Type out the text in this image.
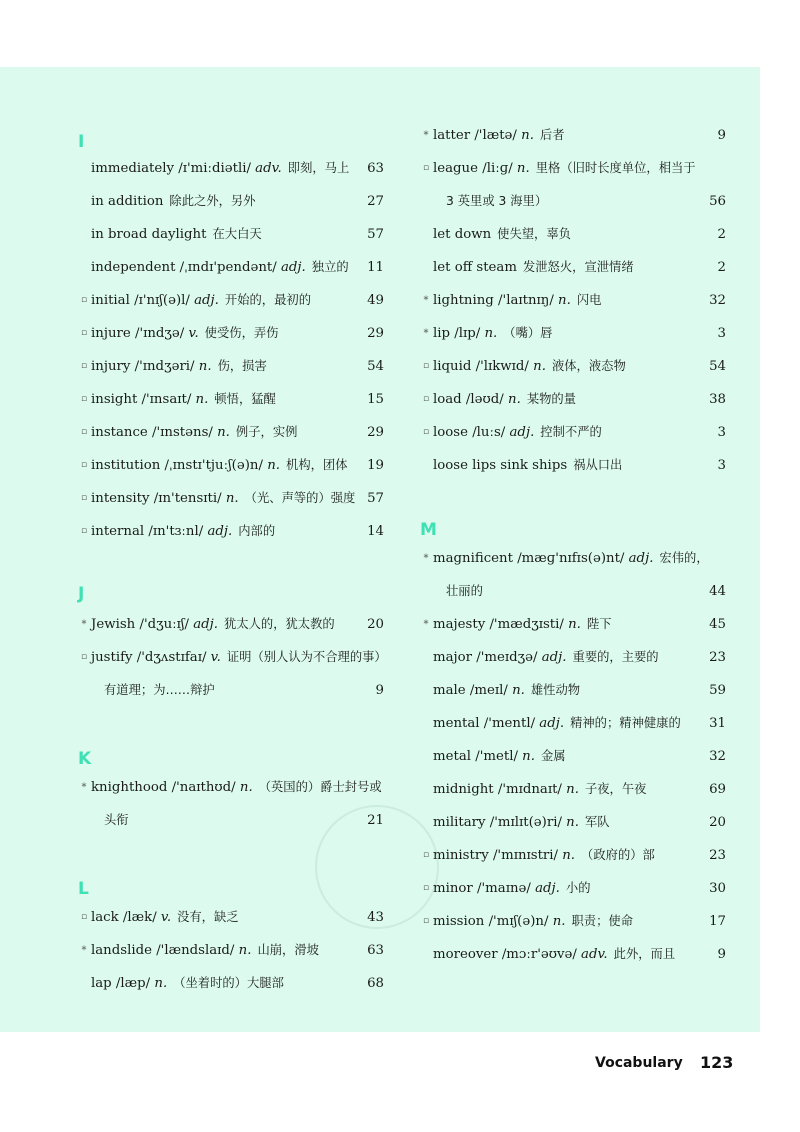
I
immediately /ɪ'miːdiətli/ adv. 即刻，马上 63
in addition 除此之外，另外	27
in broad daylight 在大白天	57
independent /ˌɪndɪ'pendənt/ adj. 独立的 11
▫ initial /ɪ'nɪʃ(ə)l/ adj. 开始的，最初的	49
▫ injure /'ɪndʒə/ v. 使受伤，弄伤	29
▫ injury /'ɪndʒəri/ n. 伤，损害	54
▫ insight /'ɪnsaɪt/ n. 顿悟，猛醒	15
▫ instance /'ɪnstəns/ n. 例子，实例	29
▫ institution /ˌɪnstɪ'tjuːʃ(ə)n/ n. 机构，团体 19
▫ intensity /ɪn'tensɪti/ n. （光、声等的）强度 57
▫ internal /ɪn'tɜːnl/ adj. 内部的	14
J
* Jewish /'dʒuːɪʃ/ adj. 犹太人的，犹太教的 20
▫ justify /'dʒʌstɪfaɪ/ v. 证明（别人认为不合理的事）
有道理；为……辩护	9
K
* knighthood /'naɪthʊd/ n. （英国的）爵士封号或
头衔	21
L
▫ lack /læk/ v. 没有，缺乏	43
* landslide /'lændslaɪd/ n. 山崩，滑坡	63
lap /læp/ n. （坐着时的）大腿部	68
* latter /'lætə/ n. 后者	9
▫ league /liːɡ/ n. 里格（旧时长度单位，相当于
3 英里或 3 海里）	56
let down 使失望，辜负	2
let off steam 发泄怒火，宣泄情绪	2
* lightning /'laɪtnɪŋ/ n. 闪电	32
* lip /lɪp/ n. （嘴）唇	3
▫ liquid /'lɪkwɪd/ n. 液体，液态物	54
▫ load /ləʊd/ n. 某物的量	38
▫ loose /luːs/ adj. 控制不严的	3
loose lips sink ships 祸从口出	3
M
* magnificent /mæɡ'nɪfɪs(ə)nt/ adj. 宏伟的，
壮丽的	44
* majesty /'mædʒɪsti/ n. 陛下	45
major /'meɪdʒə/ adj. 重要的，主要的	23
male /meɪl/ n. 雄性动物	59
mental /'mentl/ adj. 精神的；精神健康的 31
metal /'metl/ n. 金属	32
midnight /'mɪdnaɪt/ n. 子夜，午夜	69
military /'mɪlɪt(ə)ri/ n. 军队	20
▫ ministry /'mɪnɪstri/ n. （政府的）部	23
▫ minor /'maɪnə/ adj. 小的	30
▫ mission /'mɪʃ(ə)n/ n. 职责；使命	17
moreover /mɔːr'əʊvə/ adv. 此外，而且	9
Vocabulary 123
